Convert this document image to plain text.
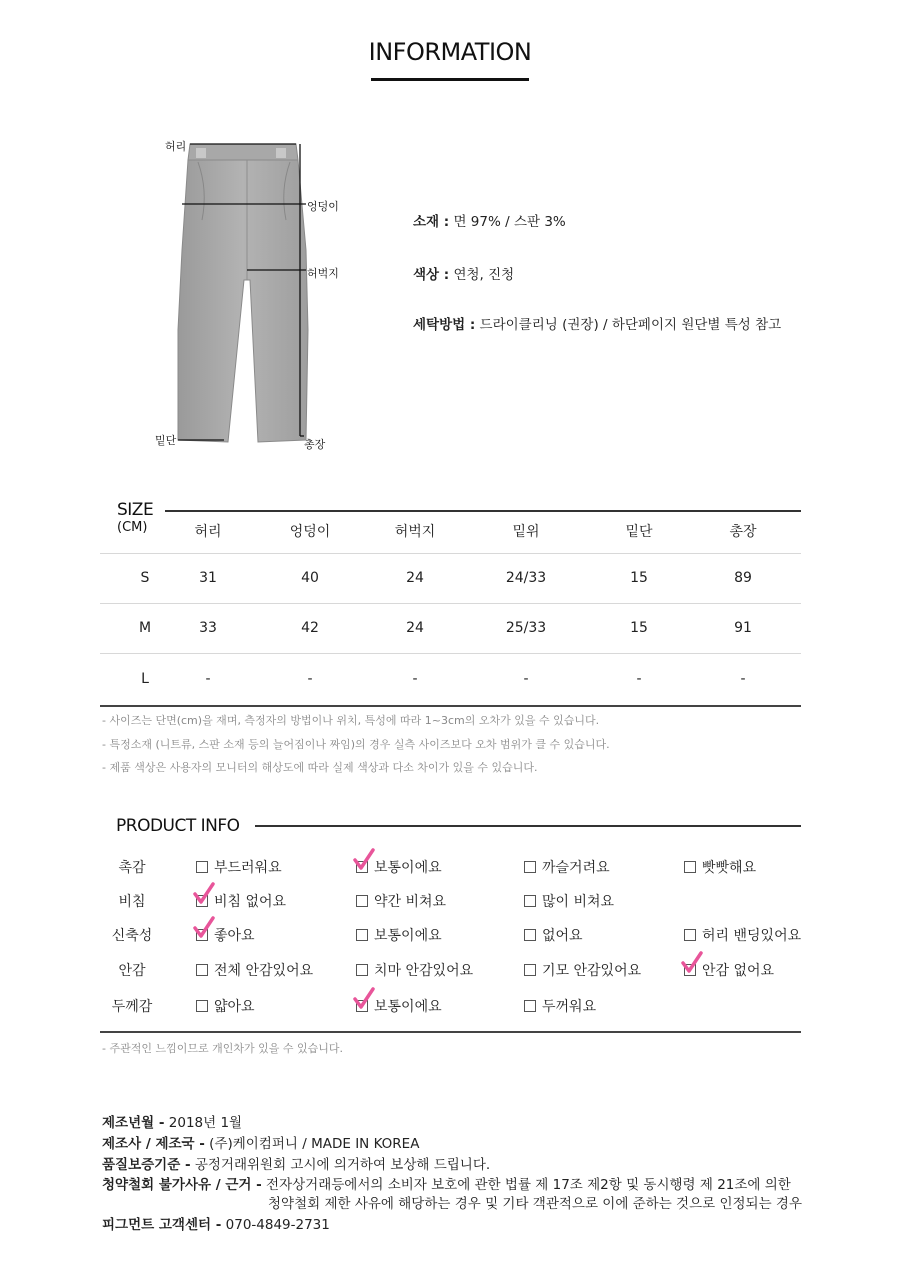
INFORMATION
허리
엉덩이
허벅지
밑단	총장
소재 : 면 97% / 스판 3%
색상 : 연청, 진청
세탁방법 : 드라이클리닝 (권장) / 하단페이지 원단별 특성 참고
SIZE
(CM)	허리	엉덩이	허벅지	밑위	밑단	총장
S	31	40	24	24/33	15	89
M	33	42	24	25/33	15	91
L	-	-	-	-	-	-
- 사이즈는 단면(cm)을 재며, 측정자의 방법이나 위치, 특성에 따라 1~3cm의 오차가 있을 수 있습니다.
- 특정소재 (니트류, 스판 소재 등의 늘어짐이나 짜임)의 경우 실측 사이즈보다 오차 범위가 클 수 있습니다.
- 제품 색상은 사용자의 모니터의 해상도에 따라 실제 색상과 다소 차이가 있을 수 있습니다.
PRODUCT INFO
촉감	부드러워요	보통이에요	까슬거려요	빳빳해요
비침	비침 없어요	약간 비쳐요	많이 비쳐요
신축성	좋아요	보통이에요	없어요	허리 밴딩있어요
안감	전체 안감있어요	치마 안감있어요	기모 안감있어요	안감 없어요
두께감	얇아요	보통이에요	두꺼워요
- 주관적인 느낌이므로 개인차가 있을 수 있습니다.
제조년월 - 2018년 1월
제조사 / 제조국 - (주)케이컴퍼니 / MADE IN KOREA
품질보증기준 - 공정거래위원회 고시에 의거하여 보상해 드립니다.
청약철회 불가사유 / 근거 - 전자상거래등에서의 소비자 보호에 관한 법률 제 17조 제2항 및 동시행령 제 21조에 의한
청약철회 제한 사유에 해당하는 경우 및 기타 객관적으로 이에 준하는 것으로 인정되는 경우
피그먼트 고객센터 - 070-4849-2731
